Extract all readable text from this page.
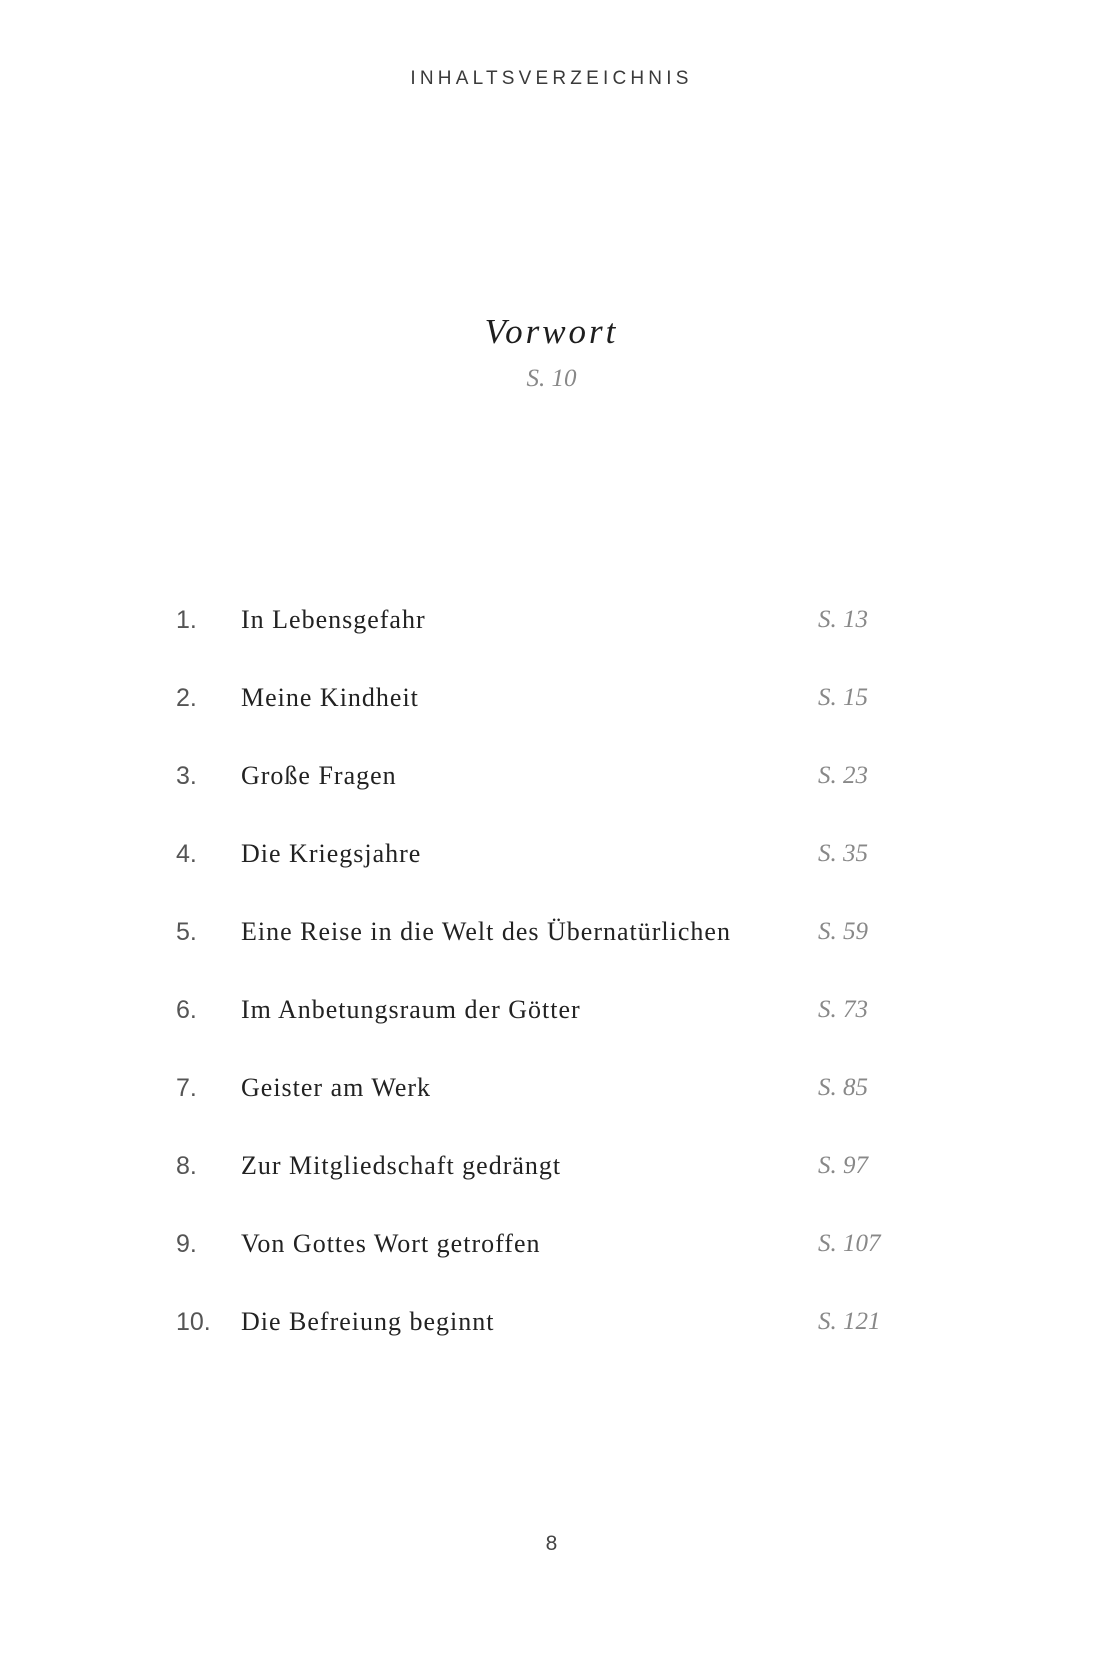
INHALTSVERZEICHNIS
Vorwort
S. 10
1. In Lebensgefahr	S. 13
2. Meine Kindheit	S. 15
3. Große Fragen	S. 23
4. Die Kriegsjahre	S. 35
5. Eine Reise in die Welt des Übernatürlichen	S. 59
6. Im Anbetungsraum der Götter	S. 73
7. Geister am Werk	S. 85
8. Zur Mitgliedschaft gedrängt	S. 97
9. Von Gottes Wort getroffen	S. 107
10. Die Befreiung beginnt	S. 121
8
